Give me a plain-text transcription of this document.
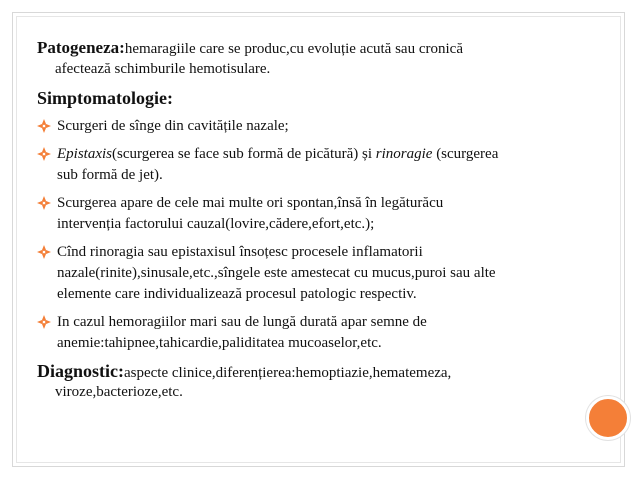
Patogeneza:hemaragiile care se produc,cu evoluție acută sau cronică
afectează schimburile hemotisulare.
Simptomatologie:
Scurgeri de sînge din cavitățile nazale;
Epistaxis(scurgerea se face sub formă de picătură) și rinoragie (scurgerea
sub formă de jet).
Scurgerea apare de cele mai multe ori spontan,însă în legăturăcu
intervenția factorului cauzal(lovire,cădere,efort,etc.);
Cînd rinoragia sau epistaxisul însoțesc procesele inflamatorii
nazale(rinite),sinusale,etc.,sîngele este amestecat cu mucus,puroi sau alte
elemente care individualizează procesul patologic respectiv.
In cazul hemoragiilor mari sau de lungă durată apar semne de
anemie:tahipnee,tahicardie,paliditatea mucoaselor,etc.
Diagnostic:aspecte clinice,diferențierea:hemoptiazie,hematemeza,
viroze,bacterioze,etc.
